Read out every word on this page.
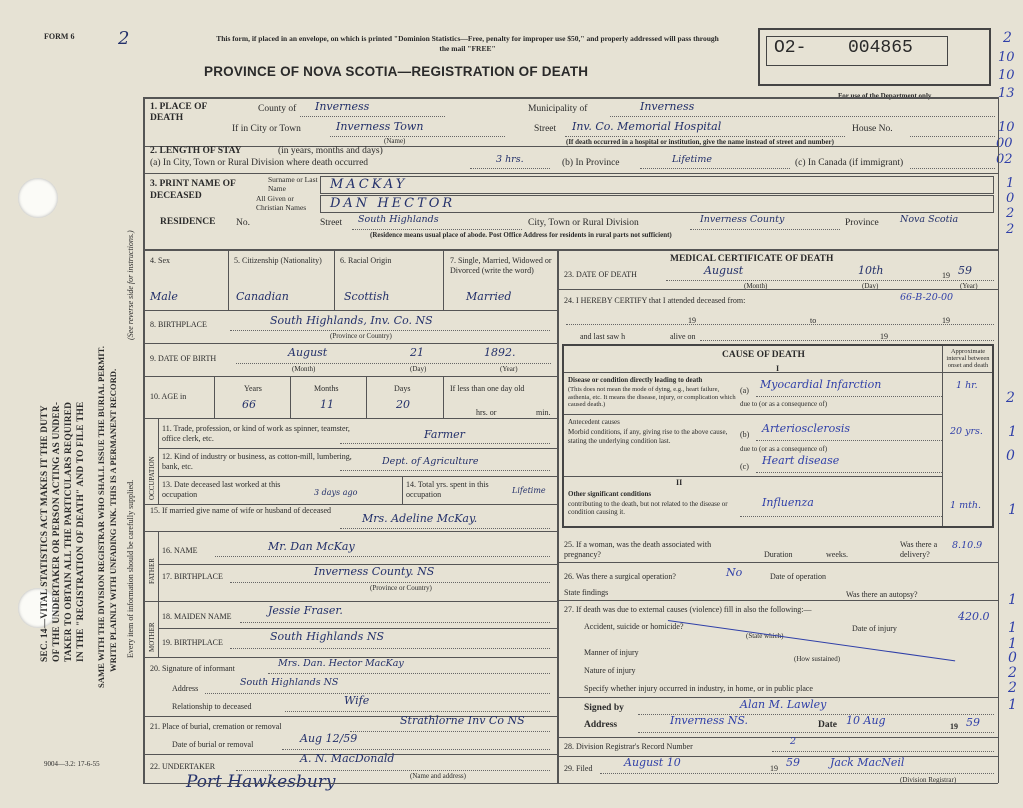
FORM 6 2	This form, if placed in an envelope, on which is printed "Dominion Statistics—Free, penalty for improper use $50," and properly addressed will pass through the mail "FREE"
PROVINCE OF NOVA SCOTIA—REGISTRATION OF DEATH
O2- 004865
For use of the Department only
2
10
10
13
10
00
02
1
0
2
2
2
0
1
1
1
1
1
0
2
2
1
SEC. 14—VITAL STATISTICS ACT MAKES IT THE DUTY OF THE UNDERTAKER OR PERSON ACTING AS UNDER- TAKER TO OBTAIN ALL THE PARTICULARS REQUIRED IN THE "REGISTRATION OF DEATH" AND TO FILE THE SAME WITH THE DIVISION REGISTRAR WHO SHALL ISSUE THE BURIAL PERMIT. WRITE PLAINLY WITH UNFADING INK. THIS IS A PERMANENT RECORD. Every item of information should be carefully supplied.
(See reverse side for instructions.)
9004—3.2: 17-6-55
1. PLACE OF DEATH
County of Inverness	Municipality of	Inverness
If in City or Town	Inverness Town
(Name)
Street Inv. Co. Memorial Hospital	House No.
(If death occurred in a hospital or institution, give the name instead of street and number)
2. LENGTH OF STAY	(in years, months and days)
(a) In City, Town or Rural Division where death occurred	3 hrs.	(b) In Province	Lifetime	(c) In Canada (if immigrant)
3. PRINT NAME OF DECEASED
Surname or Last Name	MACKAY
All Given or Christian Names	DAN HECTOR
RESIDENCE No.	Street South Highlands	City, Town or Rural Division	Inverness County	Province Nova Scotia
(Residence means usual place of abode. Post Office Address for residents in rural parts not sufficient)
4. Sex	5. Citizenship (Nationality)	6. Racial Origin	7. Single, Married, Widowed or Divorced (write the word)
Male	Canadian	Scottish	Married
8. BIRTHPLACE	South Highlands, Inv. Co. NS
(Province or Country)
9. DATE OF BIRTH	August	21	1892.
(Month)	(Day)	(Year)
10. AGE in
Years	Months	Days
66	11	20
If less than one day old
hrs. or	min.
OCCUPATION
11. Trade, profession, or kind of work as spinner, teamster, office clerk, etc.	Farmer
12. Kind of industry or business, as cotton-mill, lumbering, bank, etc.	Dept. of Agriculture
13. Date deceased last worked at this occupation	3 days ago
14. Total yrs. spent in this occupation	Lifetime
15. If married give name of wife or husband of deceased
Mrs. Adeline McKay.
FATHER
16. NAME	Mr. Dan McKay
17. BIRTHPLACE	Inverness County. NS
(Province or Country)
MOTHER
18. MAIDEN NAME	Jessie Fraser.
19. BIRTHPLACE	South Highlands NS
20. Signature of informant	Mrs. Dan. Hector MacKay
Address
South Highlands NS
Relationship to deceased	Wife
21. Place of burial, cremation or removal	Strathlorne Inv Co NS
Date of burial or removal	Aug 12/59
22. UNDERTAKER
A. N. MacDonald
(Name and address)
Port Hawkesbury
MEDICAL CERTIFICATE OF DEATH
23. DATE OF DEATH	August	10th	19 59
(Month)	(Day)	(Year)
24. I HEREBY CERTIFY that I attended deceased from:	66-B-20-00
19	to	19
and last saw h	alive on	19
CAUSE OF DEATH
I
Approximate interval between onset and death
Disease or condition directly leading to death
(This does not mean the mode of dying, e.g., heart failure, asthenia, etc. It means the disease, injury, or complication which caused death.)
(a) Myocardial Infarction	1 hr.
due to (or as a consequence of)
Antecedent causes
Morbid conditions, if any, giving rise to the above cause, stating the underlying condition last.
(b) Arteriosclerosis	20 yrs.
due to (or as a consequence of)
(c) Heart disease
II
Other significant conditions
contributing to the death, but not related to the disease or condition causing it.
Influenza	1 mth.
25. If a woman, was the death associated with pregnancy?	Duration	weeks.
Was there a delivery?
8.10.9
26. Was there a surgical operation?	No	Date of operation
State findings	Was there an autopsy?
27. If death was due to external causes (violence) fill in also the following:—
420.0
Accident, suicide or homicide?
(State which)
Date of injury
Manner of injury
(How sustained)
Nature of injury
Specify whether injury occurred in industry, in home, or in public place
Signed by	Alan M. Lawley
Address	Inverness NS.	Date 10 Aug	19 59
28. Division Registrar's Record Number	2
29. Filed	August 10	19 59	Jack MacNeil
(Division Registrar)
